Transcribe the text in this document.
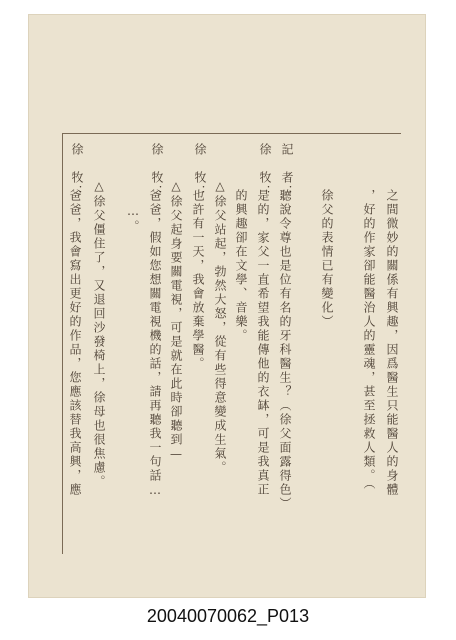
記　者：
徐　牧：
徐　牧：
徐　牧：
徐　牧：
之間微妙的關係有興趣，因爲醫生只能醫人的身體
，好的作家卻能醫治人的靈魂，甚至拯救人類。（
徐父的表情已有變化）
聽說令尊也是位有名的牙科醫生？（徐父面露得色）
是的，家父一直希望我能傳他的衣缽，可是我真正
的興趣卻在文學、音樂。
△徐父站起，勃然大怒，從有些得意變成生氣。
也許有一天，我會放棄學醫。
△徐父起身要關電視，可是就在此時卻聽到—
爸爸，假如您想關電視機的話，請再聽我一句話…
…。
△徐父僵住了，又退回沙發椅上，徐母也很焦慮。
爸爸，我會寫出更好的作品，您應該替我高興，應
20040070062_P013
